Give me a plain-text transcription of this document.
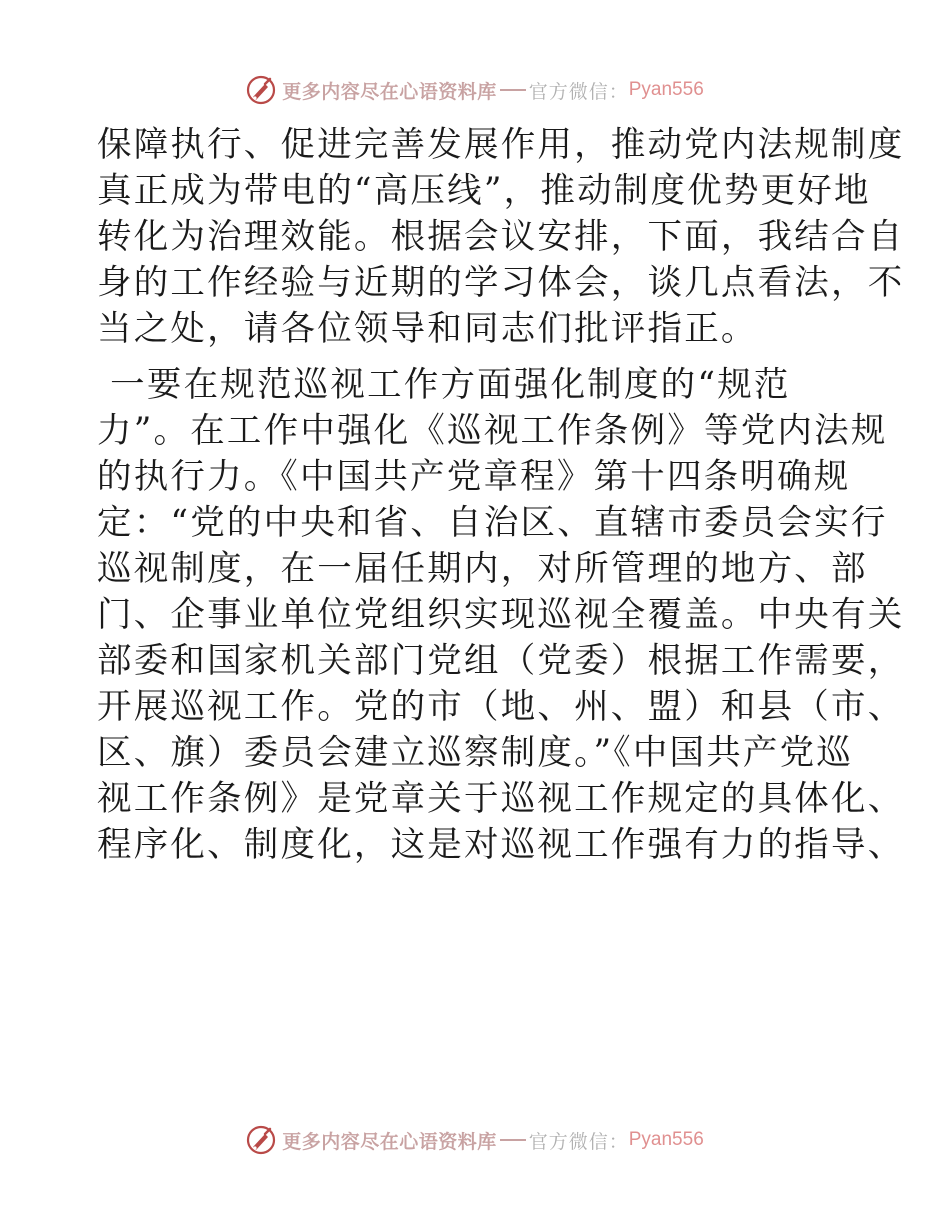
更多内容尽在心语资料库 官方微信： Pyan556
保障执行、促进完善发展作用，推动党内法规制度
真正成为带电的“高压线”，推动制度优势更好地
转化为治理效能。根据会议安排，下面，我结合自
身的工作经验与近期的学习体会，谈几点看法，不
当之处，请各位领导和同志们批评指正。
一要在规范巡视工作方面强化制度的“规范
力”。在工作中强化《巡视工作条例》等党内法规
的执行力。《中国共产党章程》第十四条明确规
定：“党的中央和省、自治区、直辖市委员会实行
巡视制度，在一届任期内，对所管理的地方、部
门、企事业单位党组织实现巡视全覆盖。中央有关
部委和国家机关部门党组（党委）根据工作需要，
开展巡视工作。党的市（地、州、盟）和县（市、
区、旗）委员会建立巡察制度。”《中国共产党巡
视工作条例》是党章关于巡视工作规定的具体化、
程序化、制度化，这是对巡视工作强有力的指导、
更多内容尽在心语资料库 官方微信： Pyan556
